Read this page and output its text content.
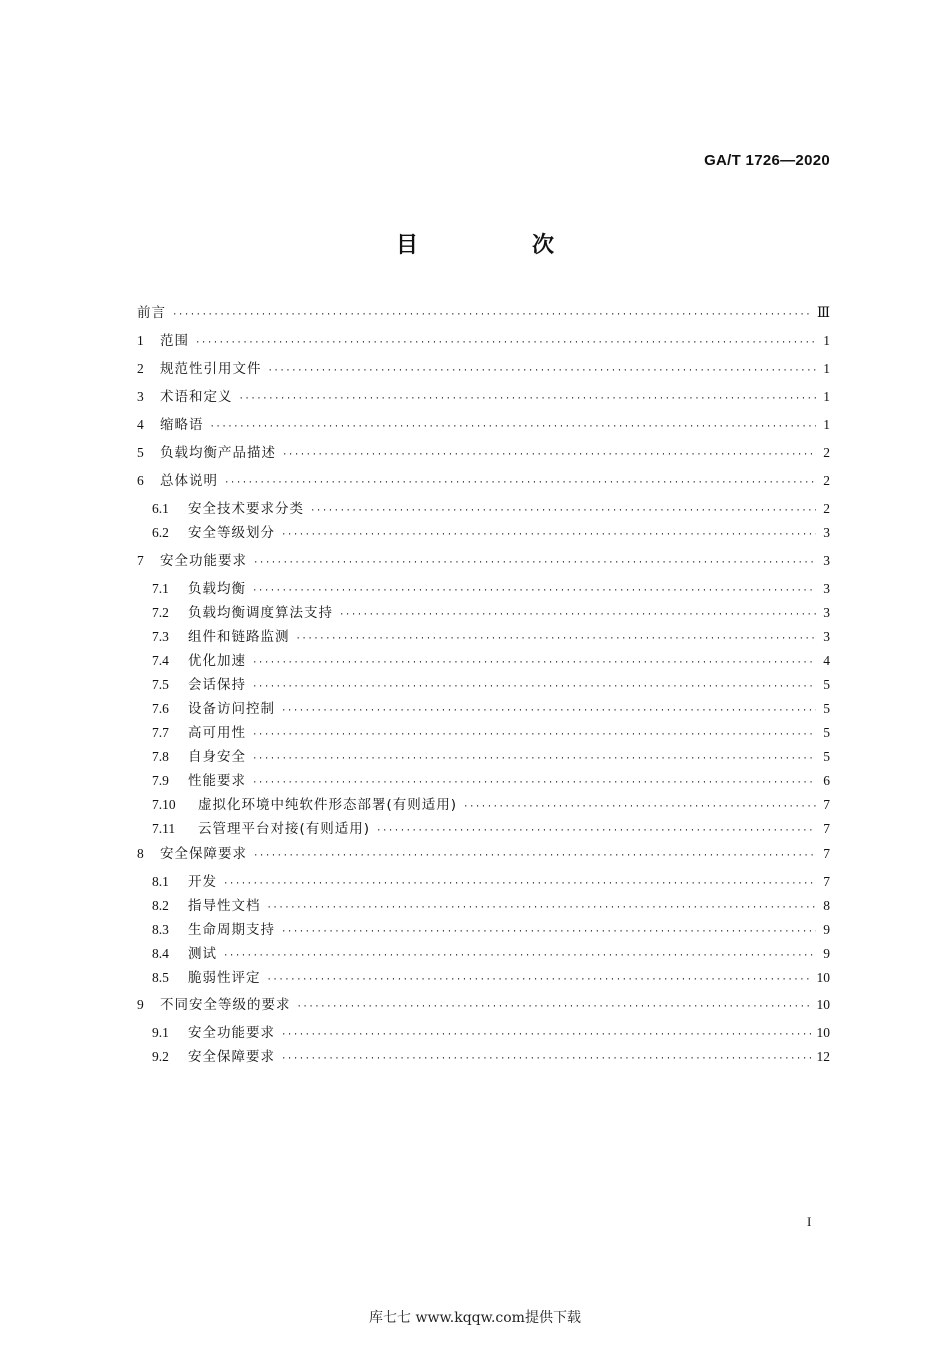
GA/T 1726—2020
目　次
前言 ·····	Ⅲ
1	范围 ·····	1
2	规范性引用文件 ·····	1
3	术语和定义 ·····	1
4	缩略语 ·····	1
5	负载均衡产品描述 ·····	2
6	总体说明 ·····	2
6.1	安全技术要求分类 ·····	2
6.2	安全等级划分 ·····	3
7	安全功能要求 ·····	3
7.1	负载均衡 ·····	3
7.2	负载均衡调度算法支持 ·····	3
7.3	组件和链路监测 ·····	3
7.4	优化加速 ·····	4
7.5	会话保持 ·····	5
7.6	设备访问控制 ·····	5
7.7	高可用性 ·····	5
7.8	自身安全 ·····	5
7.9	性能要求 ·····	6
7.10	虚拟化环境中纯软件形态部署(有则适用) ·····	7
7.11	云管理平台对接(有则适用) ·····	7
8	安全保障要求 ·····	7
8.1	开发 ·····	7
8.2	指导性文档 ·····	8
8.3	生命周期支持 ·····	9
8.4	测试 ·····	9
8.5	脆弱性评定 ·····	10
9	不同安全等级的要求 ·····	10
9.1	安全功能要求 ·····	10
9.2	安全保障要求 ·····	12
I
库七七 www.kqqw.com提供下载
